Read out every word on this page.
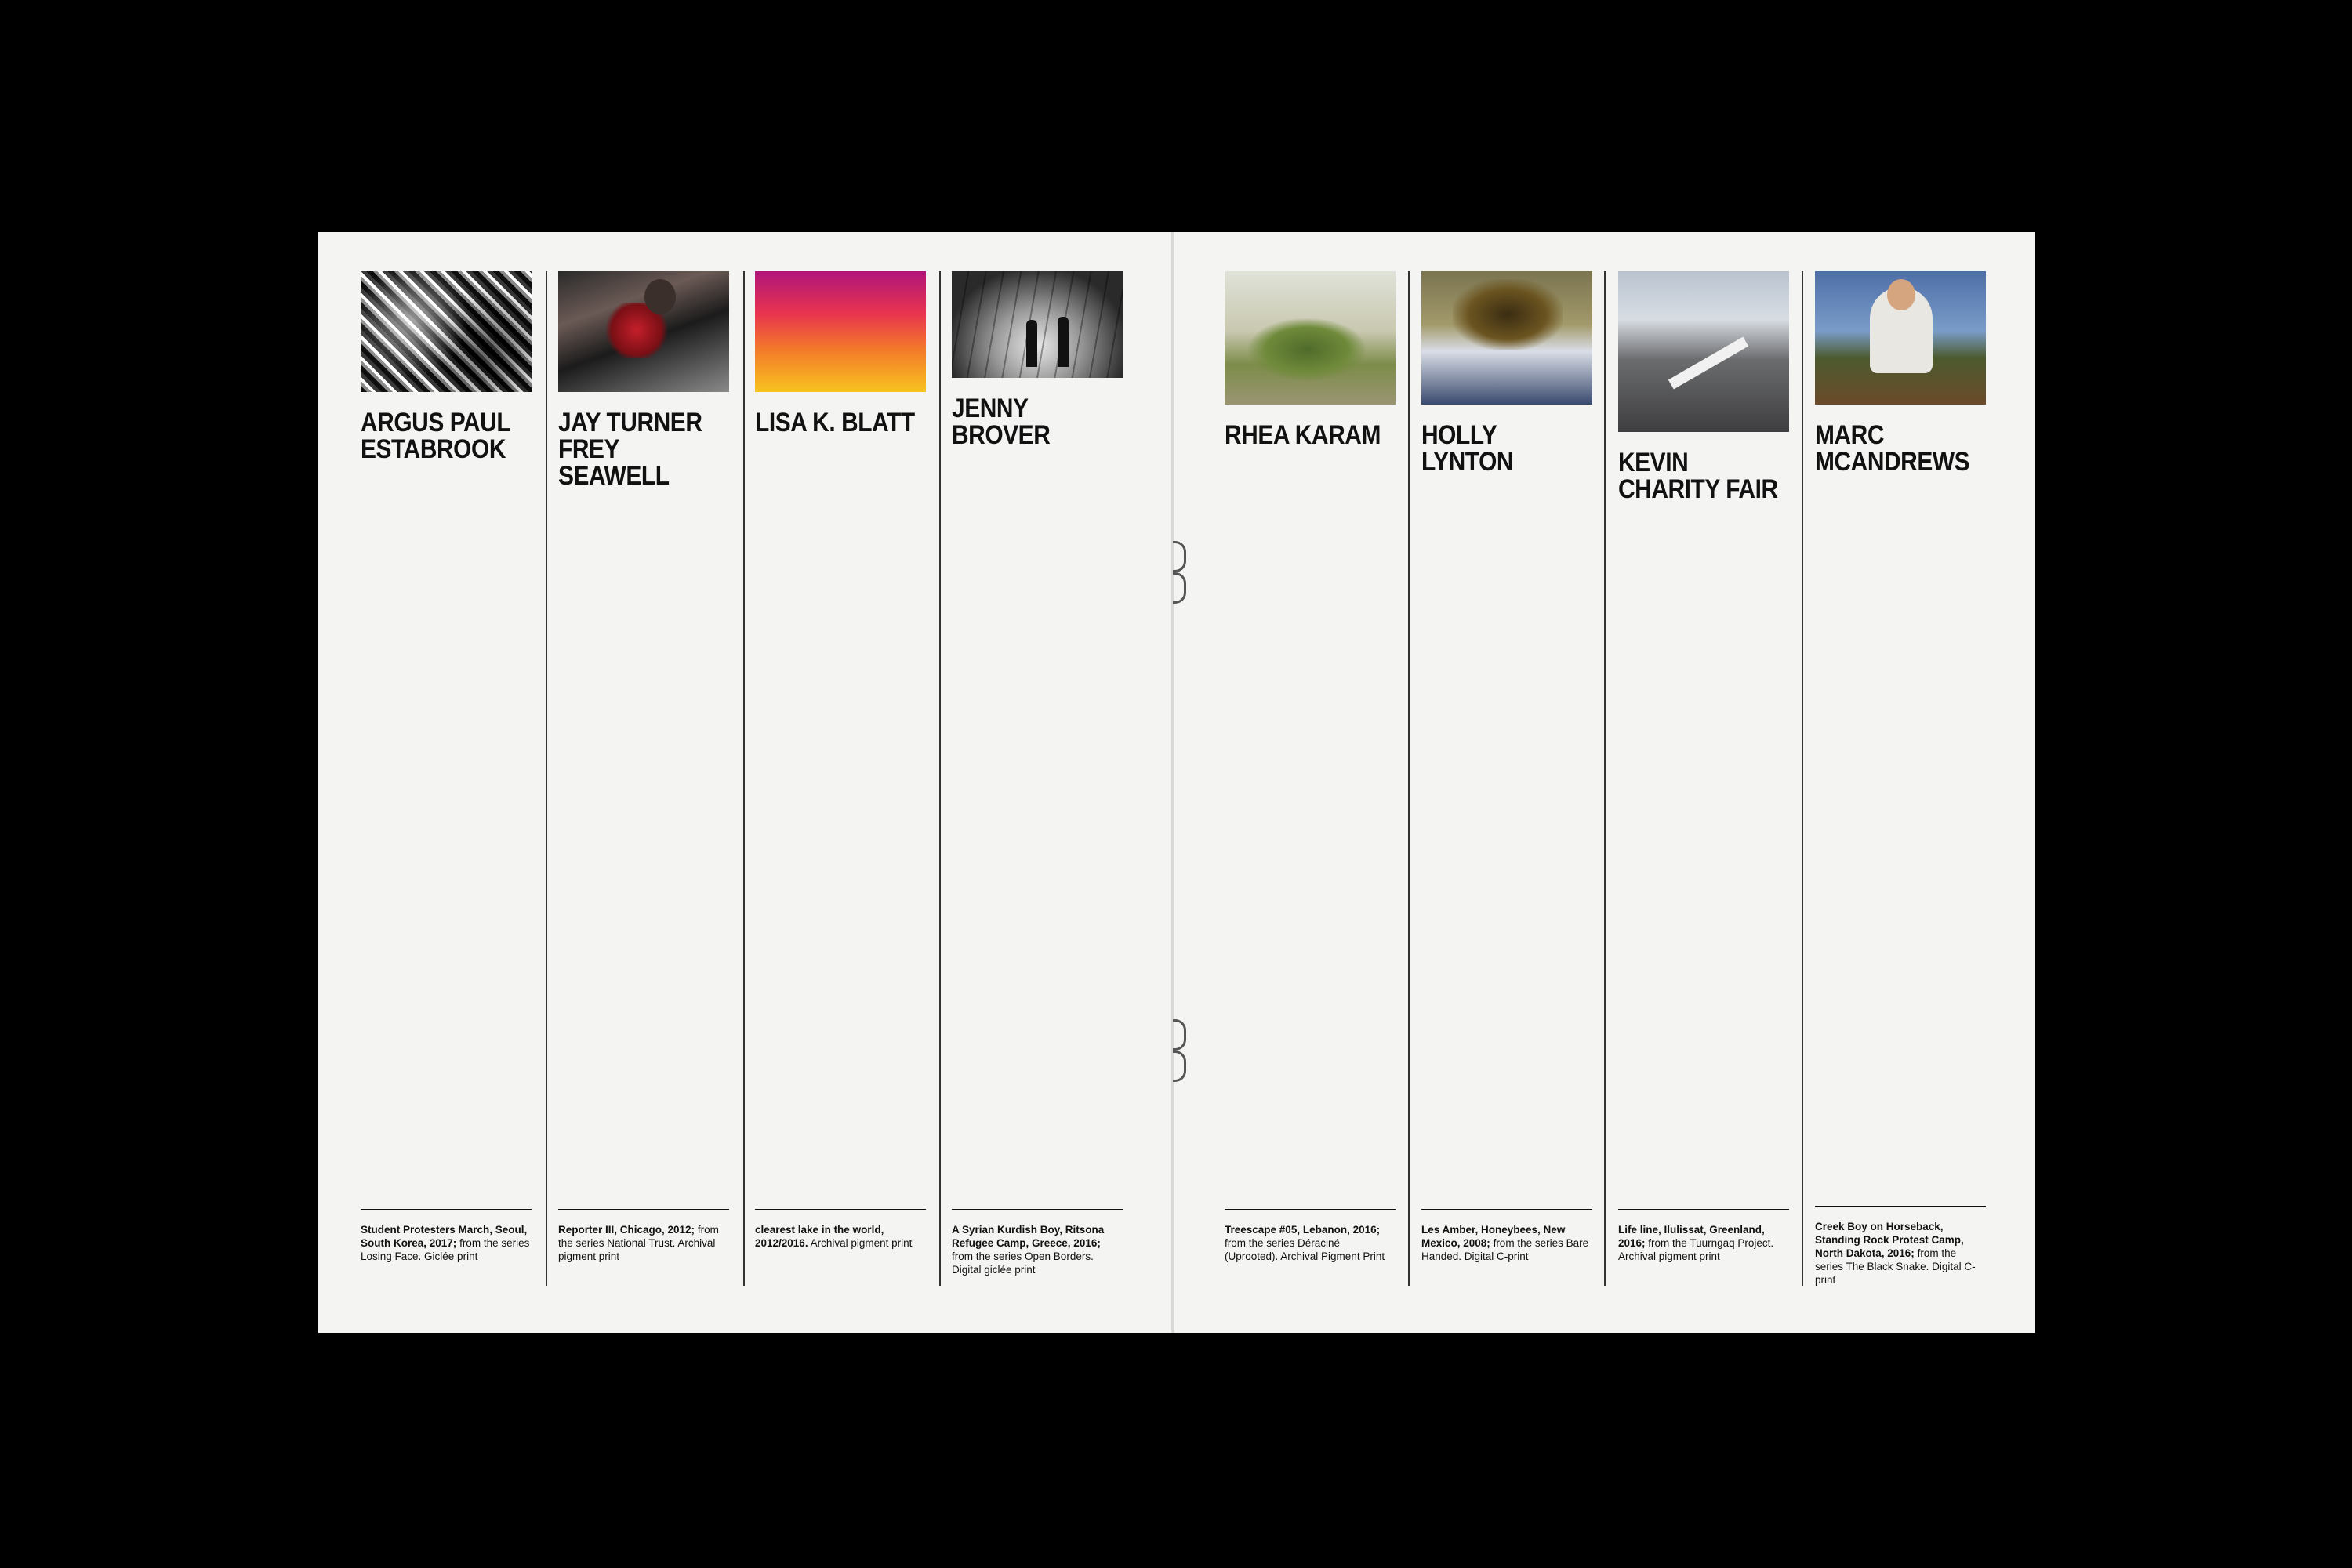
ARGUS PAUL ESTABROOK
JAY TURNER FREY SEAWELL
LISA K. BLATT	JENNY BROVER	RHEA KARAM	HOLLY LYNTON	KEVIN CHARITY FAIR
MARC MCANDREWS
Student Protesters March, Seoul, South Korea, 2017; from the series Losing Face. Giclée print
Reporter III, Chicago, 2012; from the series National Trust. Archival pigment print
clearest lake in the world, 2012/2016. Archival pigment print
A Syrian Kurdish Boy, Ritsona Refugee Camp, Greece, 2016; from the series Open Borders. Digital giclée print
Treescape #05, Lebanon, 2016; from the series Déraciné (Uprooted). Archival Pigment Print
Les Amber, Honeybees, New Mexico, 2008; from the series Bare Handed. Digital C-print
Life line, Ilulissat, Greenland, 2016; from the Tuurngaq Project. Archival pigment print
Creek Boy on Horseback, Standing Rock Protest Camp, North Dakota, 2016; from the series The Black Snake. Digital C-print
